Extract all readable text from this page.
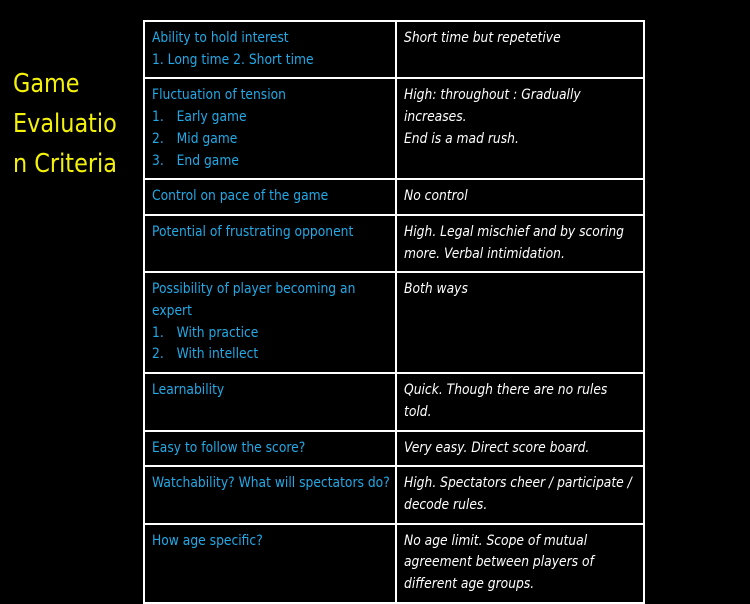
Game
Evaluatio
n Criteria
Ability to hold interest
1. Long time 2. Short time	Short time but repetetive

Fluctuation of tension
1. Early game
2. Mid game
3. End game	High: throughout : Gradually
increases.
End is a mad rush.

Control on pace of the game	No control

Potential of frustrating opponent	High. Legal mischief and by scoring
more. Verbal intimidation.

Possibility of player becoming an
expert
1. With practice
2. With intellect	Both ways

Learnability	Quick. Though there are no rules
told.

Easy to follow the score?	Very easy. Direct score board.

Watchability? What will spectators do?	High. Spectators cheer / participate /
decode rules.

How age specific?	No age limit. Scope of mutual
agreement between players of
different age groups.
